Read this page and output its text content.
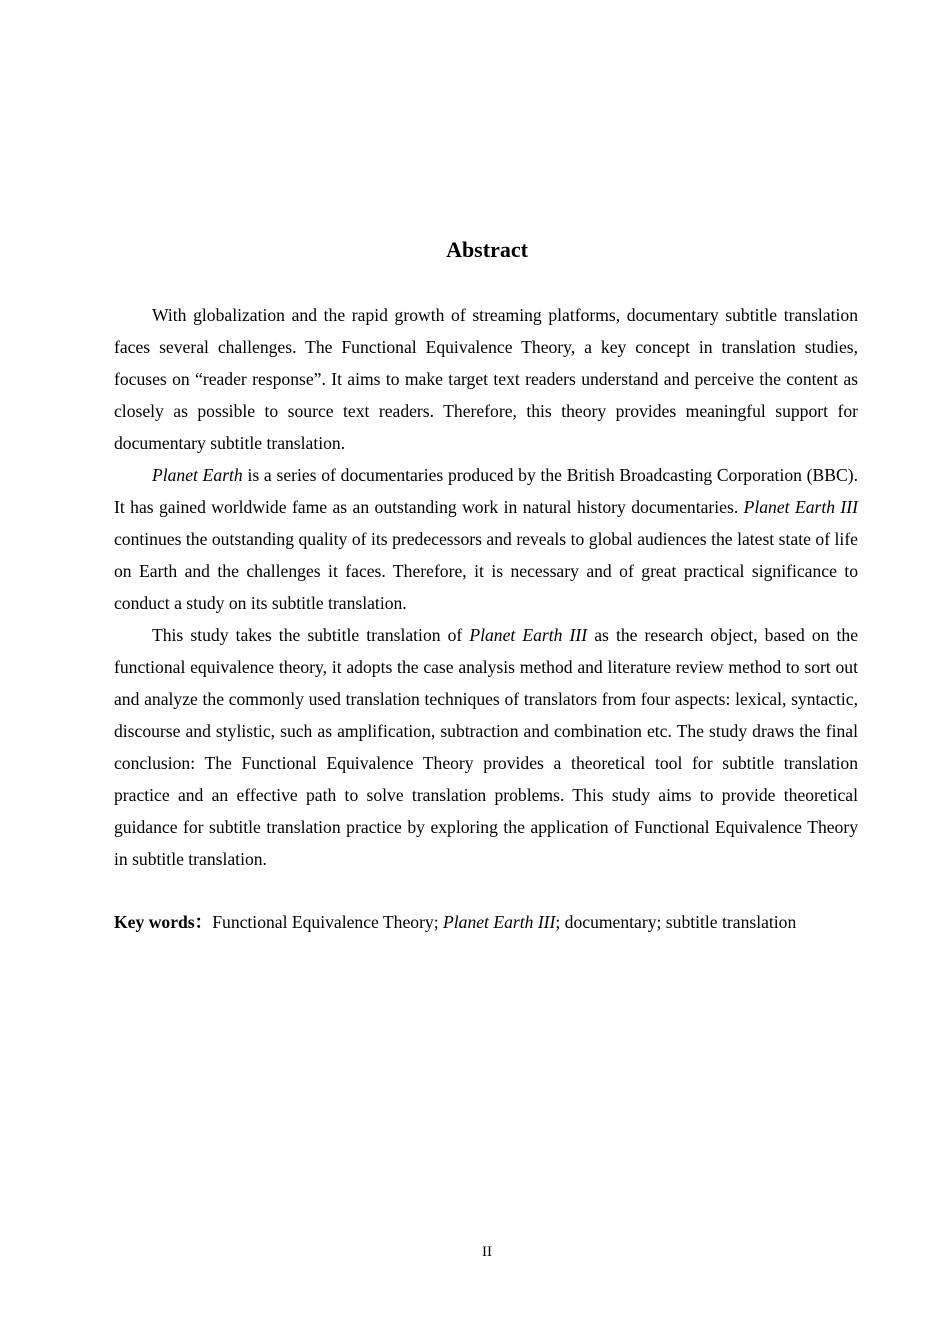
Abstract

With globalization and the rapid growth of streaming platforms, documentary subtitle translation faces several challenges. The Functional Equivalence Theory, a key concept in translation studies, focuses on “reader response”. It aims to make target text readers understand and perceive the content as closely as possible to source text readers. Therefore, this theory provides meaningful support for documentary subtitle translation.

Planet Earth is a series of documentaries produced by the British Broadcasting Corporation (BBC). It has gained worldwide fame as an outstanding work in natural history documentaries. Planet Earth III continues the outstanding quality of its predecessors and reveals to global audiences the latest state of life on Earth and the challenges it faces. Therefore, it is necessary and of great practical significance to conduct a study on its subtitle translation.

This study takes the subtitle translation of Planet Earth III as the research object, based on the functional equivalence theory, it adopts the case analysis method and literature review method to sort out and analyze the commonly used translation techniques of translators from four aspects: lexical, syntactic, discourse and stylistic, such as amplification, subtraction and combination etc. The study draws the final conclusion: The Functional Equivalence Theory provides a theoretical tool for subtitle translation practice and an effective path to solve translation problems. This study aims to provide theoretical guidance for subtitle translation practice by exploring the application of Functional Equivalence Theory in subtitle translation.

Key words：Functional Equivalence Theory; Planet Earth III; documentary; subtitle translation

II
